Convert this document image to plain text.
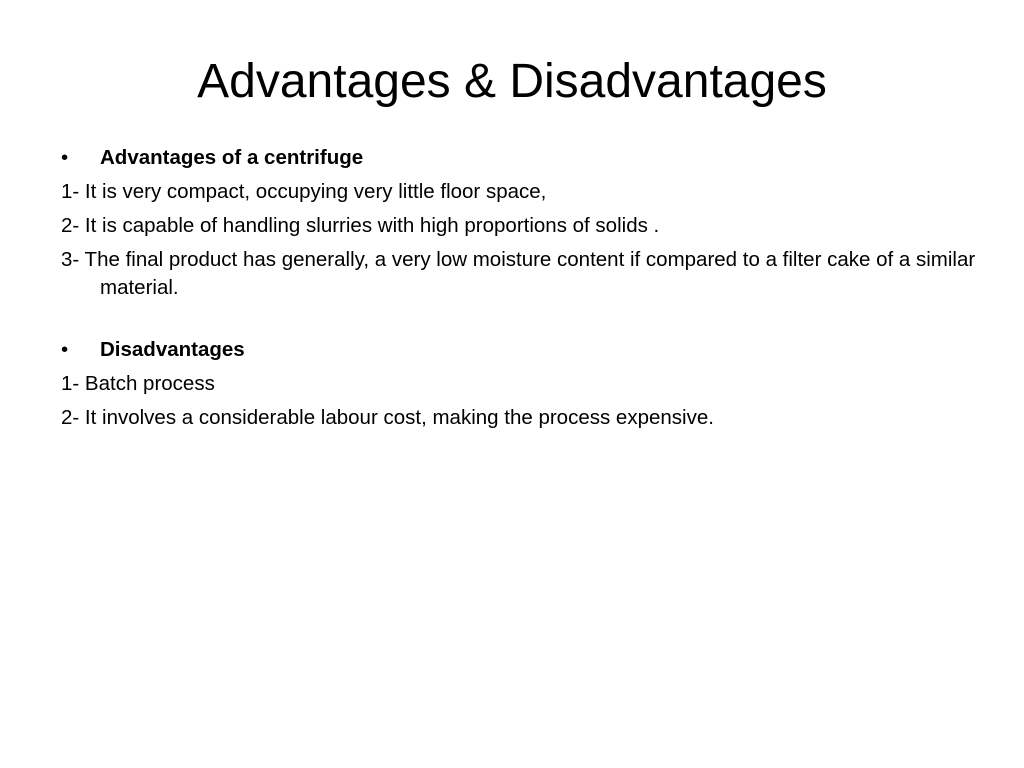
Advantages & Disadvantages
• Advantages of a centrifuge
1- It is very compact, occupying very little floor space,
2- It is capable of handling slurries with high proportions of solids .
3- The final product has generally, a very low moisture content if compared to a filter cake of a similar material.
• Disadvantages
1- Batch process
2- It involves a considerable labour cost, making the process expensive.
